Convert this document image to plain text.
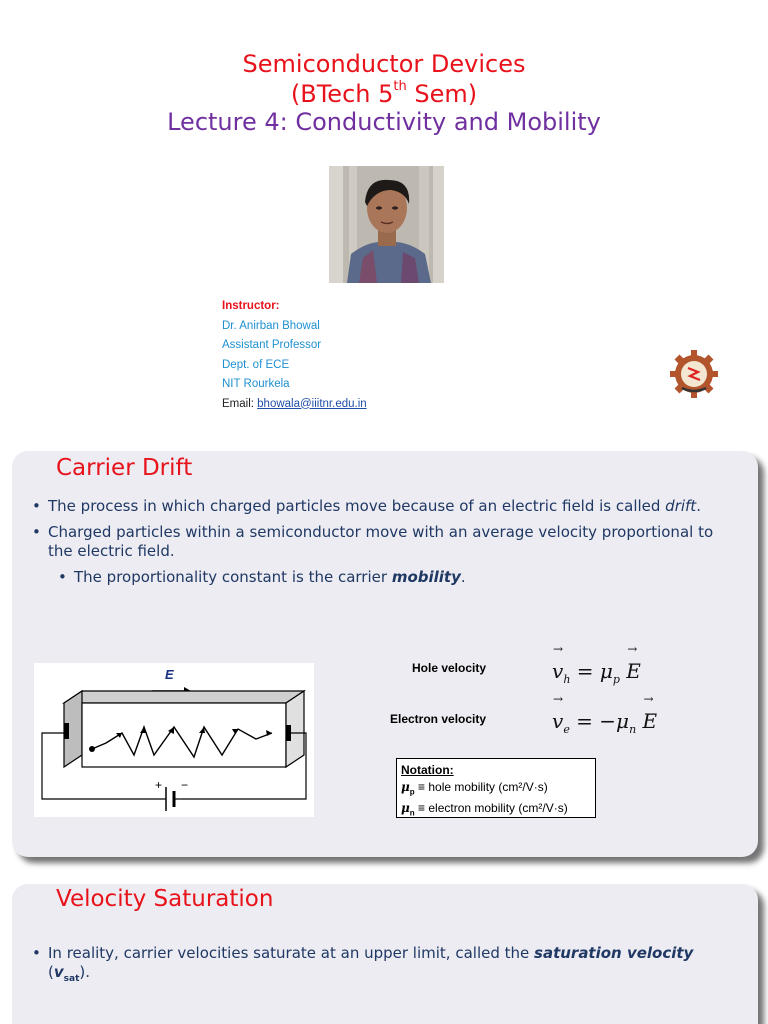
Semiconductor Devices
(BTech 5th Sem)
Lecture 4: Conductivity and Mobility
Instructor:
Dr. Anirban Bhowal
Assistant Professor
Dept. of ECE
NIT Rourkela
Email: bhowala@iiitnr.edu.in
Carrier Drift
• The process in which charged particles move because of an electric field is called drift.
• Charged particles within a semiconductor move with an average velocity proportional to the electric field.
• The proportionality constant is the carrier mobility.
E
+ −
Hole velocity	→ $v_h = \mu_p \to E$
Electron velocity	→ $v_e = -\mu_n \to E$
Notation:
$\mu_p$ ≡ hole mobility (cm²/V·s)
$\mu_n$ ≡ electron mobility (cm²/V·s)
Velocity Saturation
• In reality, carrier velocities saturate at an upper limit, called the saturation velocity $(v_{sat})$.
